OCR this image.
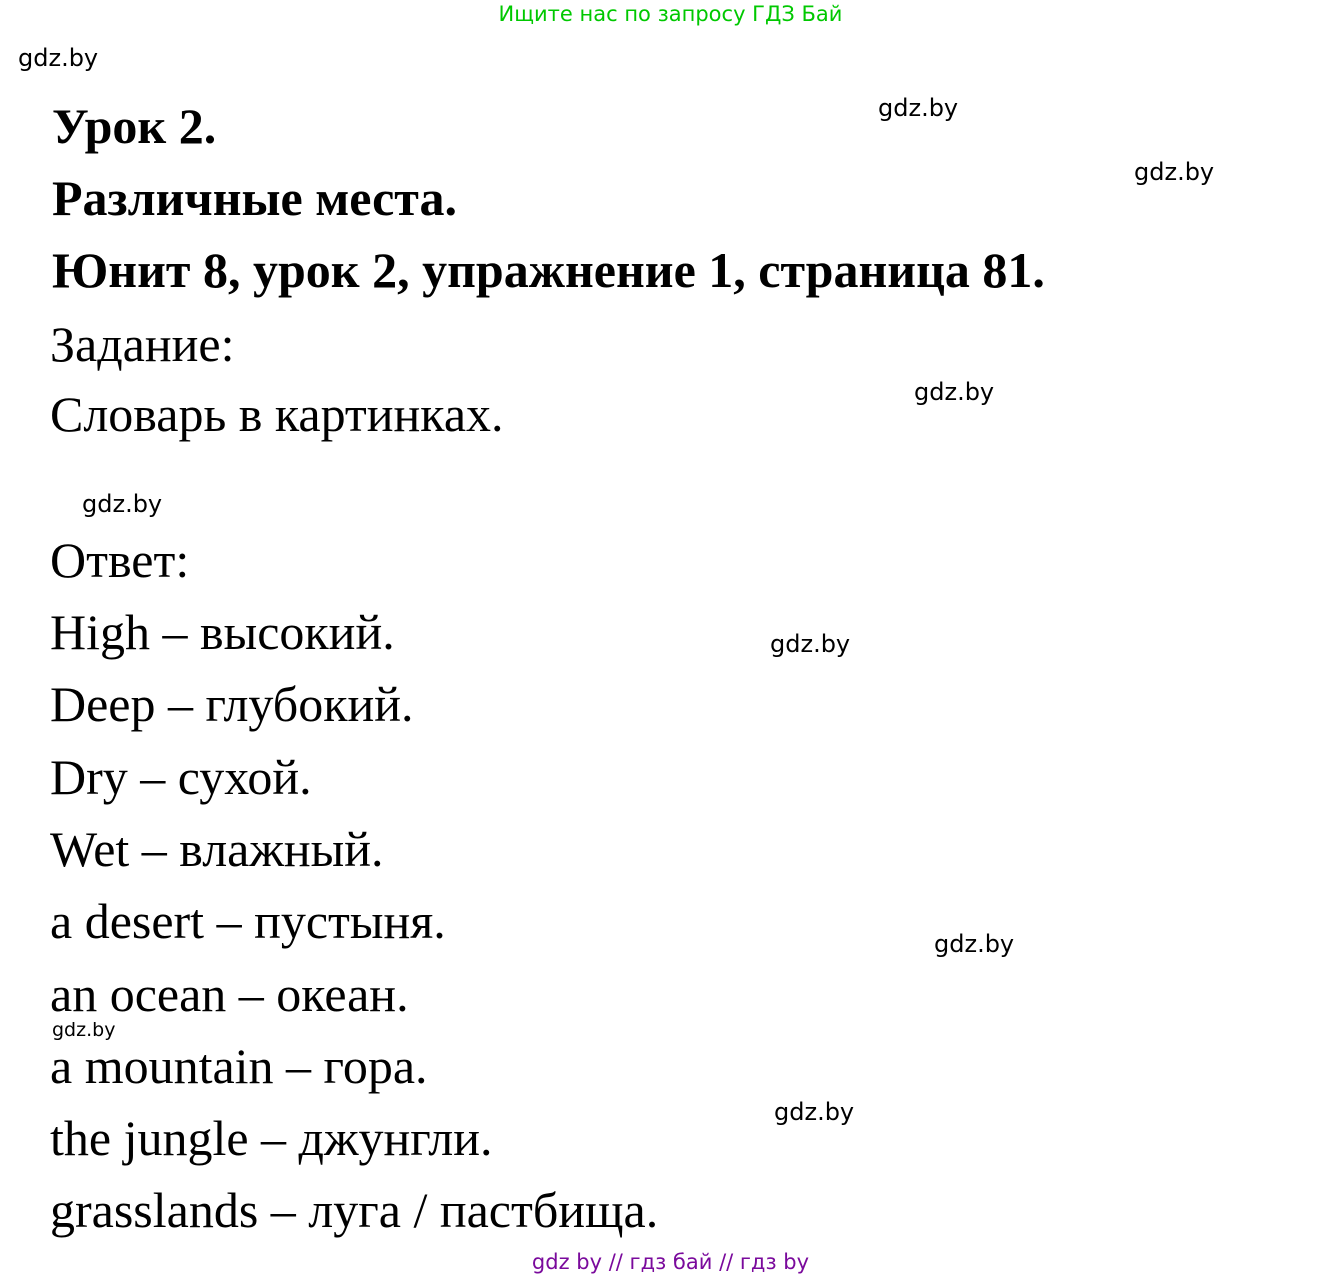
Ищите нас по запросу ГДЗ Бай
gdz.by
gdz.by
gdz.by
gdz.by
gdz.by
gdz.by
gdz.by
gdz.by
gdz.by
Урок 2.
Различные места.
Юнит 8, урок 2, упражнение 1, страница 81.
Задание:
Словарь в картинках.
Ответ:
High – высокий.
Deep – глубокий.
Dry – сухой.
Wet – влажный.
a desert – пустыня.
an ocean – океан.
a mountain – гора.
the jungle – джунгли.
grasslands – луга / пастбища.
gdz by // гдз бай // гдз by
